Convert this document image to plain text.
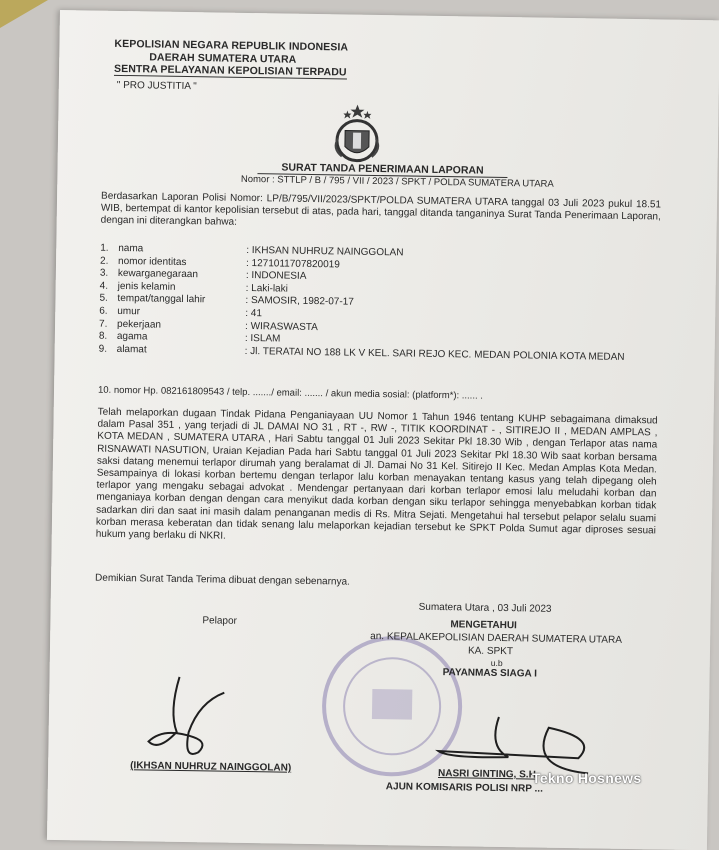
KEPOLISIAN NEGARA REPUBLIK INDONESIA
DAERAH SUMATERA UTARA
SENTRA PELAYANAN KEPOLISIAN TERPADU
" PRO JUSTITIA "
SURAT TANDA PENERIMAAN LAPORAN
Nomor : STTLP / B / 795 / VII / 2023 / SPKT / POLDA SUMATERA UTARA
Berdasarkan Laporan Polisi Nomor: LP/B/795/VII/2023/SPKT/POLDA SUMATERA UTARA tanggal 03 Juli 2023 pukul 18.51 WIB, bertempat di kantor kepolisian tersebut di atas, pada hari, tanggal ditanda tanganinya Surat Tanda Penerimaan Laporan, dengan ini diterangkan bahwa:
1. nama	: IKHSAN NUHRUZ NAINGGOLAN
2. nomor identitas	: 1271011707820019
3. kewarganegaraan	: INDONESIA
4. jenis kelamin	: Laki-laki
5. tempat/tanggal lahir	: SAMOSIR, 1982-07-17
6. umur	: 41
7. pekerjaan	: WIRASWASTA
8. agama	: ISLAM
9. alamat	: Jl. TERATAI NO 188 LK V KEL. SARI REJO KEC. MEDAN POLONIA KOTA MEDAN
10. nomor Hp. 082161809543 / telp. ......./ email: ....... / akun media sosial: (platform*): ...... .
Telah melaporkan dugaan Tindak Pidana Penganiayaan UU Nomor 1 Tahun 1946 tentang KUHP sebagaimana dimaksud dalam Pasal 351 , yang terjadi di JL DAMAI NO 31 , RT -, RW -, TITIK KOORDINAT - , SITIREJO II , MEDAN AMPLAS , KOTA MEDAN , SUMATERA UTARA , Hari Sabtu tanggal 01 Juli 2023 Sekitar Pkl 18.30 Wib , dengan Terlapor atas nama RISNAWATI NASUTION, Uraian Kejadian Pada hari Sabtu tanggal 01 Juli 2023 Sekitar Pkl 18.30 Wib saat korban bersama saksi datang menemui terlapor dirumah yang beralamat di Jl. Damai No 31 Kel. Sitirejo II Kec. Medan Amplas Kota Medan. Sesampainya di lokasi korban bertemu dengan terlapor lalu korban menayakan tentang kasus yang telah dipegang oleh terlapor yang mengaku sebagai advokat . Mendengar pertanyaan dari korban terlapor emosi lalu meludahi korban dan menganiaya korban dengan dengan cara menyikut dada korban dengan siku terlapor sehingga menyebabkan korban tidak sadarkan diri dan saat ini masih dalam penanganan medis di Rs. Mitra Sejati. Mengetahui hal tersebut pelapor selalu suami korban merasa keberatan dan tidak senang lalu melaporkan kejadian tersebut ke SPKT Polda Sumut agar diproses sesuai hukum yang berlaku di NKRI.
Demikian Surat Tanda Terima dibuat dengan sebenarnya.
Sumatera Utara , 03 Juli 2023
Pelapor	MENGETAHUI
an. KEPALAKEPOLISIAN DAERAH SUMATERA UTARA
KA. SPKT
u.b
PAYANMAS SIAGA I
(IKHSAN NUHRUZ NAINGGOLAN)
NASRI GINTING, S.H
AJUN KOMISARIS POLISI NRP ...
Tekno Hosnews
